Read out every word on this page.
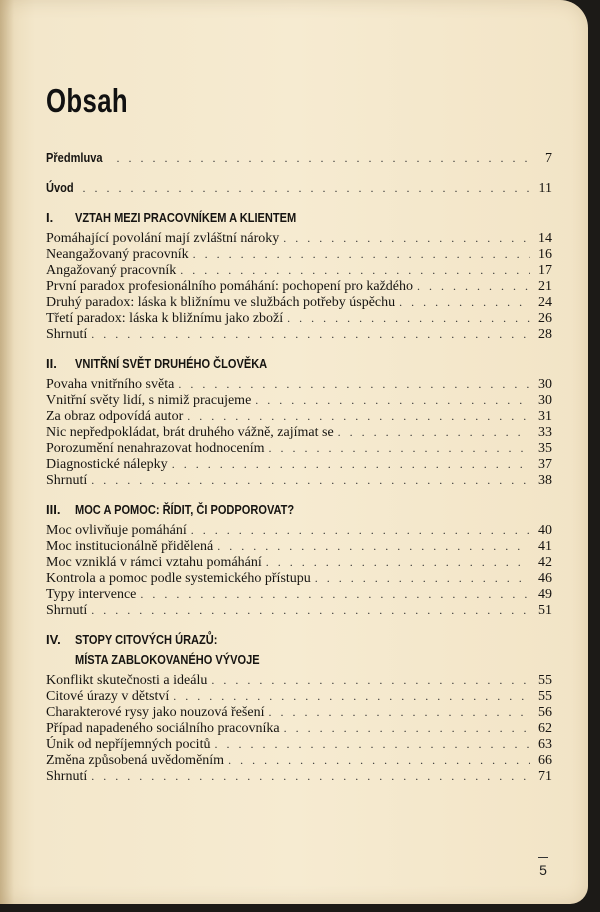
Obsah
Předmluva . . .	7
Úvod . . .	11
I.	VZTAH MEZI PRACOVNÍKEM A KLIENTEM
Pomáhající povolání mají zvláštní nároky . . .	14
Neangažovaný pracovník . . .	16
Angažovaný pracovník . . .	17
První paradox profesionálního pomáhání: pochopení pro každého . . .	21
Druhý paradox: láska k bližnímu ve službách potřeby úspěchu . . .	24
Třetí paradox: láska k bližnímu jako zboží . . .	26
Shrnutí . . .	28
II.	VNITŘNÍ SVĚT DRUHÉHO ČLOVĚKA
Povaha vnitřního světa . . .	30
Vnitřní světy lidí, s nimiž pracujeme . . .	30
Za obraz odpovídá autor . . .	31
Nic nepředpokládat, brát druhého vážně, zajímat se . . .	33
Porozumění nenahrazovat hodnocením . . .	35
Diagnostické nálepky . . .	37
Shrnutí . . .	38
III.	MOC A POMOC: ŘÍDIT, ČI PODPOROVAT?
Moc ovlivňuje pomáhání . . .	40
Moc institucionálně přidělená . . .	41
Moc vzniklá v rámci vztahu pomáhání . . .	42
Kontrola a pomoc podle systemického přístupu . . .	46
Typy intervence . . .	49
Shrnutí . . .	51
IV.	STOPY CITOVÝCH ÚRAZŮ:
MÍSTA ZABLOKOVANÉHO VÝVOJE
Konflikt skutečnosti a ideálu . . .	55
Citové úrazy v dětství . . .	55
Charakterové rysy jako nouzová řešení . . .	56
Případ napadeného sociálního pracovníka . . .	62
Únik od nepříjemných pocitů . . .	63
Změna způsobená uvědoměním . . .	66
Shrnutí . . .	71
5
